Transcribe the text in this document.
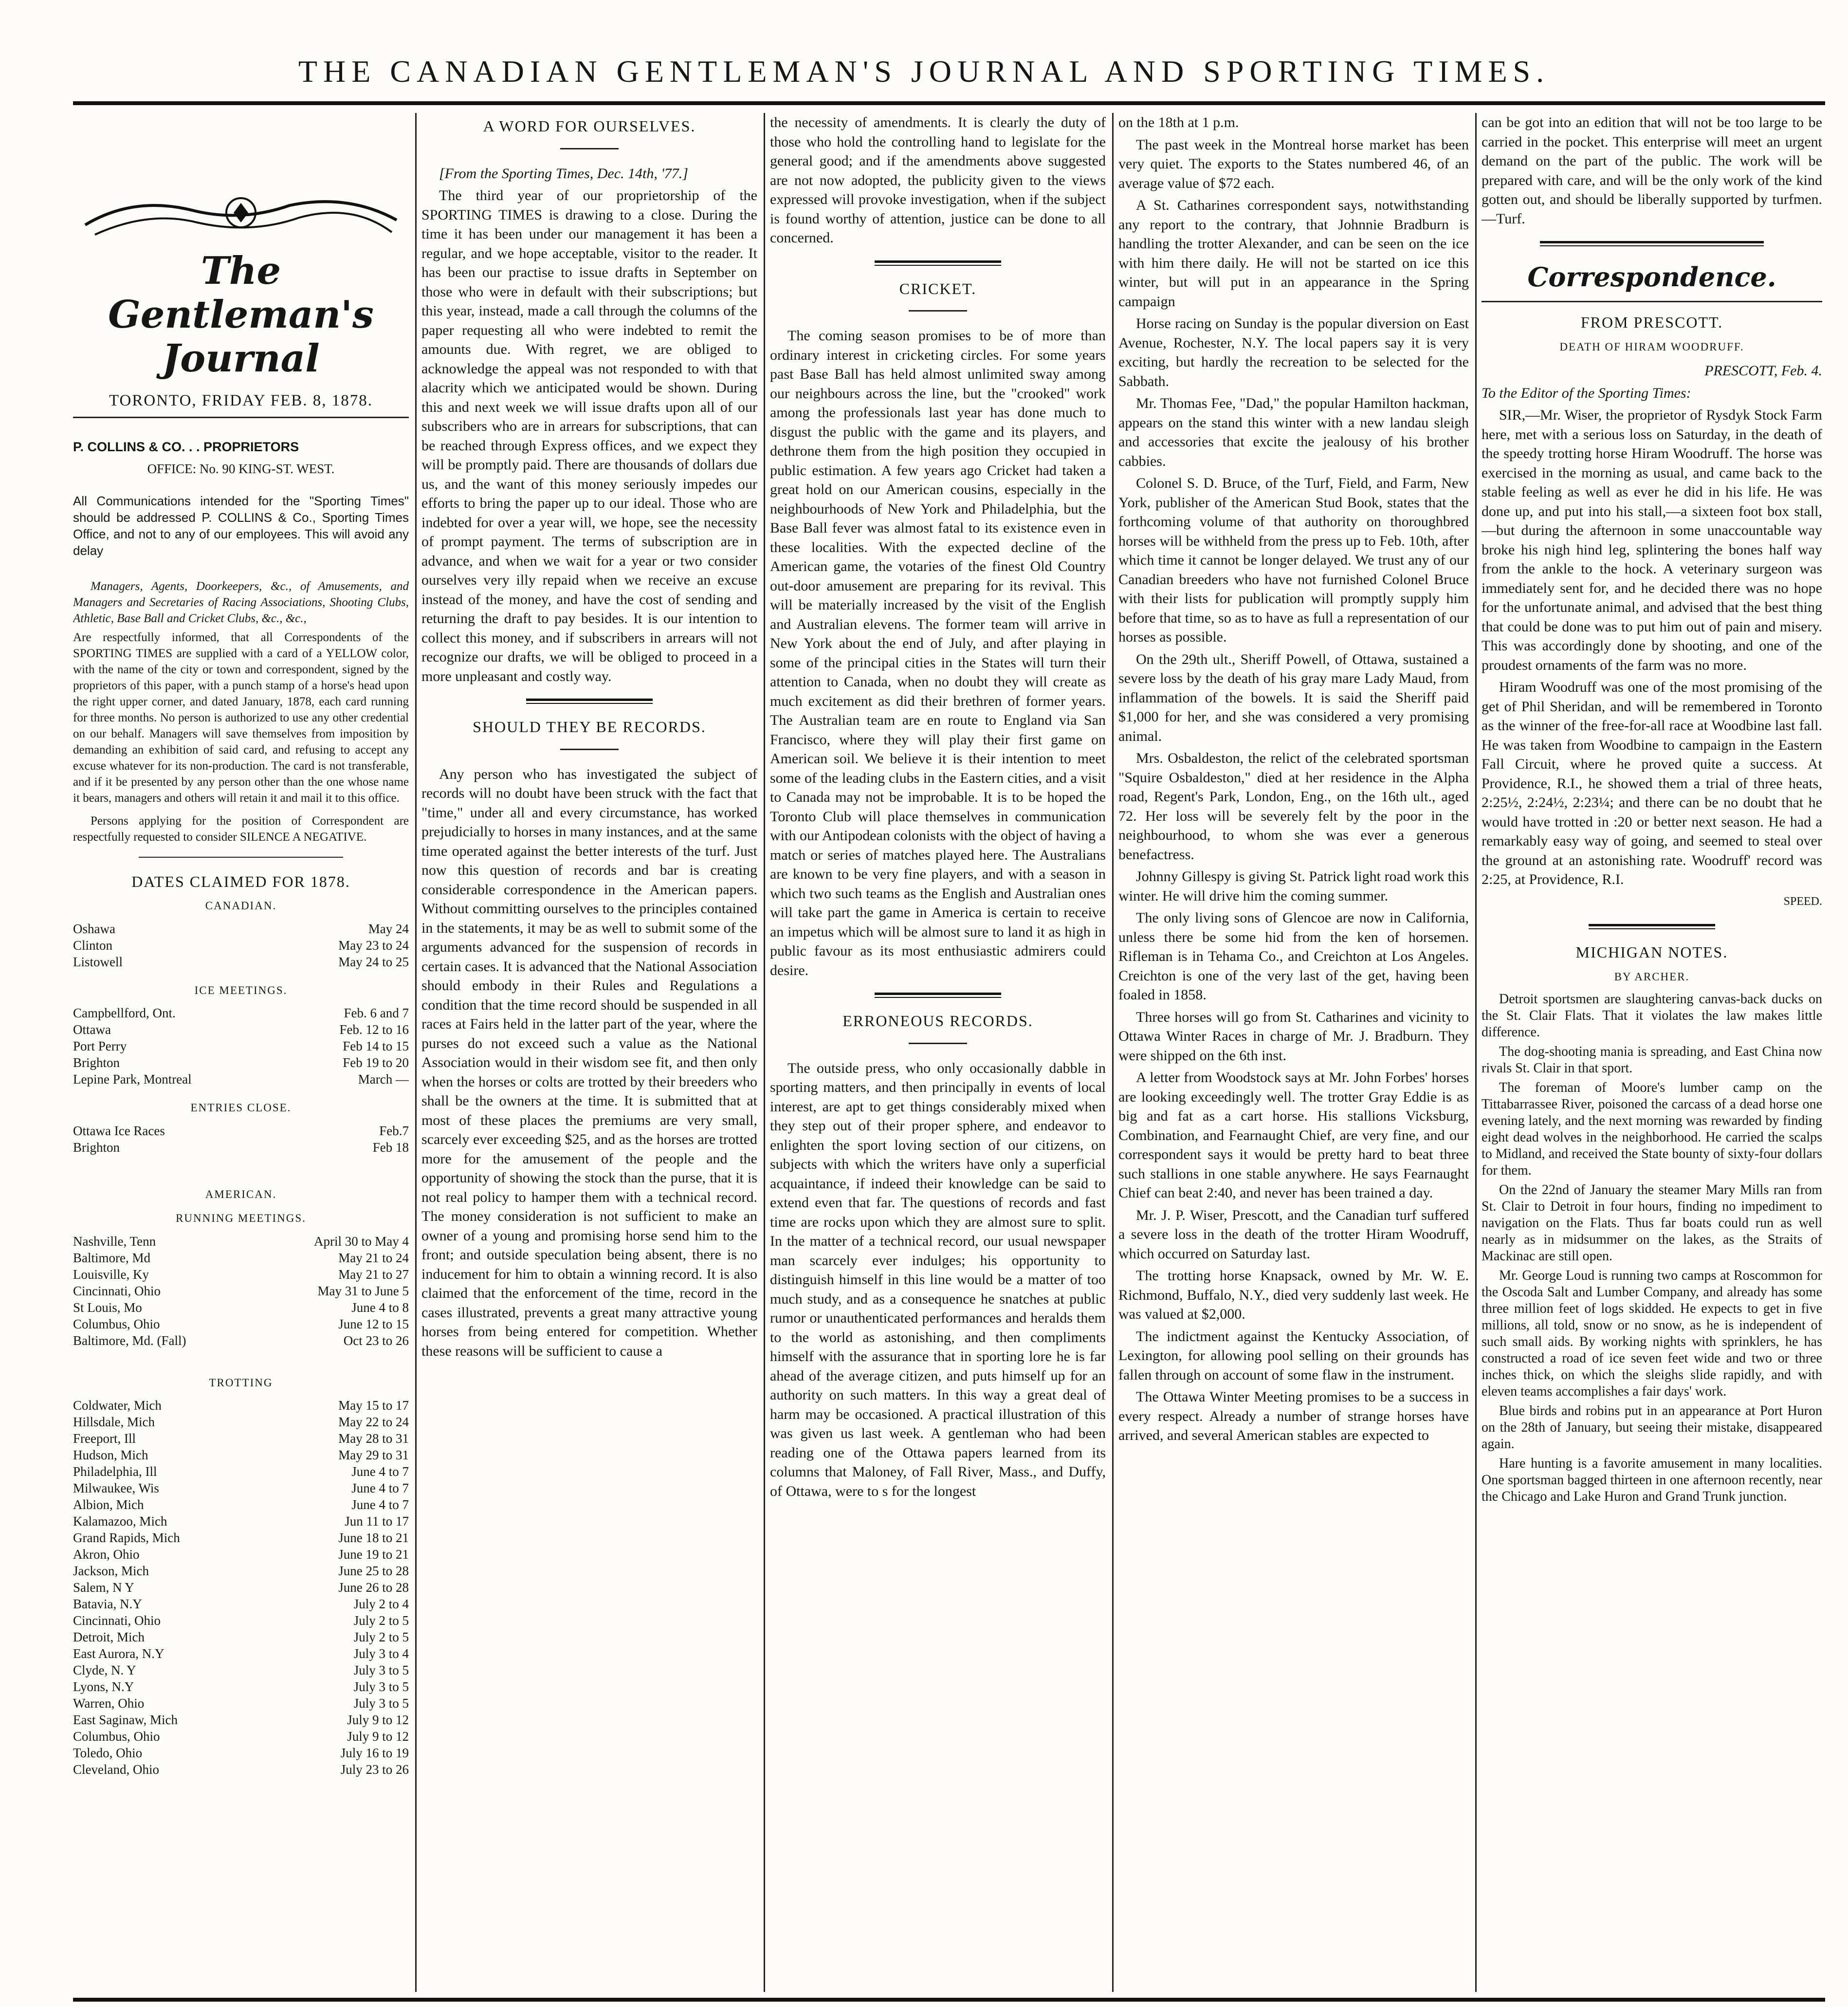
THE CANADIAN GENTLEMAN'S JOURNAL AND SPORTING TIMES.
The Gentleman's Journal
TORONTO, FRIDAY FEB. 8, 1878.

P. COLLINS & CO. . . PROPRIETORS

OFFICE: No. 90 KING-ST. WEST.

All Communications intended for the "Sporting Times" should be addressed P. COLLINS & Co., Sporting Times Office, and not to any of our employees. This will avoid any delay

Managers, Agents, Doorkeepers, &c., of Amusements, and Managers and Secretaries of Racing Associations, Shooting Clubs, Athletic, Base Ball and Cricket Clubs, &c., &c.,

Are respectfully informed, that all Correspondents of the SPORTING TIMES are supplied with a card of a YELLOW color, with the name of the city or town and correspondent, signed by the proprietors of this paper, with a punch stamp of a horse's head upon the right upper corner, and dated January, 1878, each card running for three months. No person is authorized to use any other credential on our behalf. Managers will save themselves from imposition by demanding an exhibition of said card, and refusing to accept any excuse whatever for its non-production. The card is not transferable, and if it be presented by any person other than the one whose name it bears, managers and others will retain it and mail it to this office.

Persons applying for the position of Correspondent are respectfully requested to consider SILENCE A NEGATIVE.

DATES CLAIMED FOR 1878.
CANADIAN.
Oshawa	May 24
Clinton	May 23 to 24
Listowell	May 24 to 25
ICE MEETINGS.
Campbellford, Ont.	Feb. 6 and 7
Ottawa	Feb. 12 to 16
Port Perry	Feb 14 to 15
Brighton	Feb 19 to 20
Lepine Park, Montreal	March —
ENTRIES CLOSE.
Ottawa Ice Races	Feb.7
Brighton	Feb 18
AMERICAN.
RUNNING MEETINGS.
Nashville, Tenn	April 30 to May 4
Baltimore, Md	May 21 to 24
Louisville, Ky	May 21 to 27
Cincinnati, Ohio	May 31 to June 5
St Louis, Mo	June 4 to 8
Columbus, Ohio	June 12 to 15
Baltimore, Md. (Fall)	Oct 23 to 26
TROTTING
Coldwater, Mich	May 15 to 17
Hillsdale, Mich	May 22 to 24
Freeport, Ill	May 28 to 31
Hudson, Mich	May 29 to 31
Philadelphia, Ill	June 4 to 7
Milwaukee, Wis	June 4 to 7
Albion, Mich	June 4 to 7
Kalamazoo, Mich	Jun 11 to 17
Grand Rapids, Mich	June 18 to 21
Akron, Ohio	June 19 to 21
Jackson, Mich	June 25 to 28
Salem, N Y	June 26 to 28
Batavia, N.Y	July 2 to 4
Cincinnati, Ohio	July 2 to 5
Detroit, Mich	July 2 to 5
East Aurora, N.Y	July 3 to 4
Clyde, N. Y	July 3 to 5
Lyons, N.Y	July 3 to 5
Warren, Ohio	July 3 to 5
East Saginaw, Mich	July 9 to 12
Columbus, Ohio	July 9 to 12
Toledo, Ohio	July 16 to 19
Cleveland, Ohio	July 23 to 26
A WORD FOR OURSELVES.

[From the Sporting Times, Dec. 14th, '77.]

The third year of our proprietorship of the SPORTING TIMES is drawing to a close. During the time it has been under our management it has been a regular, and we hope acceptable, visitor to the reader. It has been our practise to issue drafts in September on those who were in default with their subscriptions; but this year, instead, made a call through the columns of the paper requesting all who were indebted to remit the amounts due. With regret, we are obliged to acknowledge the appeal was not responded to with that alacrity which we anticipated would be shown. During this and next week we will issue drafts upon all of our subscribers who are in arrears for subscriptions, that can be reached through Express offices, and we expect they will be promptly paid. There are thousands of dollars due us, and the want of this money seriously impedes our efforts to bring the paper up to our ideal. Those who are indebted for over a year will, we hope, see the necessity of prompt payment. The terms of subscription are in advance, and when we wait for a year or two consider ourselves very illy repaid when we receive an excuse instead of the money, and have the cost of sending and returning the draft to pay besides. It is our intention to collect this money, and if subscribers in arrears will not recognize our drafts, we will be obliged to proceed in a more unpleasant and costly way.

SHOULD THEY BE RECORDS.

Any person who has investigated the subject of records will no doubt have been struck with the fact that "time," under all and every circumstance, has worked prejudicially to horses in many instances, and at the same time operated against the better interests of the turf. Just now this question of records and bar is creating considerable correspondence in the American papers. Without committing ourselves to the principles contained in the statements, it may be as well to submit some of the arguments advanced for the suspension of records in certain cases. It is advanced that the National Association should embody in their Rules and Regulations a condition that the time record should be suspended in all races at Fairs held in the latter part of the year, where the purses do not exceed such a value as the National Association would in their wisdom see fit, and then only when the horses or colts are trotted by their breeders who shall be the owners at the time. It is submitted that at most of these places the premiums are very small, scarcely ever exceeding $25, and as the horses are trotted more for the amusement of the people and the opportunity of showing the stock than the purse, that it is not real policy to hamper them with a technical record. The money consideration is not sufficient to make an owner of a young and promising horse send him to the front; and outside speculation being absent, there is no inducement for him to obtain a winning record. It is also claimed that the enforcement of the time, record in the cases illustrated, prevents a great many attractive young horses from being entered for competition. Whether these reasons will be sufficient to cause a

the necessity of amendments. It is clearly the duty of those who hold the controlling hand to legislate for the general good; and if the amendments above suggested are not now adopted, the publicity given to the views expressed will provoke investigation, when if the subject is found worthy of attention, justice can be done to all concerned.

CRICKET.

The coming season promises to be of more than ordinary interest in cricketing circles. For some years past Base Ball has held almost unlimited sway among our neighbours across the line, but the "crooked" work among the professionals last year has done much to disgust the public with the game and its players, and dethrone them from the high position they occupied in public estimation. A few years ago Cricket had taken a great hold on our American cousins, especially in the neighbourhoods of New York and Philadelphia, but the Base Ball fever was almost fatal to its existence even in these localities. With the expected decline of the American game, the votaries of the finest Old Country out-door amusement are preparing for its revival. This will be materially increased by the visit of the English and Australian elevens. The former team will arrive in New York about the end of July, and after playing in some of the principal cities in the States will turn their attention to Canada, when no doubt they will create as much excitement as did their brethren of former years. The Australian team are en route to England via San Francisco, where they will play their first game on American soil. We believe it is their intention to meet some of the leading clubs in the Eastern cities, and a visit to Canada may not be improbable. It is to be hoped the Toronto Club will place themselves in communication with our Antipodean colonists with the object of having a match or series of matches played here. The Australians are known to be very fine players, and with a season in which two such teams as the English and Australian ones will take part the game in America is certain to receive an impetus which will be almost sure to land it as high in public favour as its most enthusiastic admirers could desire.

ERRONEOUS RECORDS.

The outside press, who only occasionally dabble in sporting matters, and then principally in events of local interest, are apt to get things considerably mixed when they step out of their proper sphere, and endeavor to enlighten the sport loving section of our citizens, on subjects with which the writers have only a superficial acquaintance, if indeed their knowledge can be said to extend even that far. The questions of records and fast time are rocks upon which they are almost sure to split. In the matter of a technical record, our usual newspaper man scarcely ever indulges; his opportunity to distinguish himself in this line would be a matter of too much study, and as a consequence he snatches at public rumor or unauthenticated performances and heralds them to the world as astonishing, and then compliments himself with the assurance that in sporting lore he is far ahead of the average citizen, and puts himself up for an authority on such matters. In this way a great deal of harm may be occasioned. A practical illustration of this was given us last week. A gentleman who had been reading one of the Ottawa papers learned from its columns that Maloney, of Fall River, Mass., and Duffy, of Ottawa, were to s for the longest

on the 18th at 1 p.m.

The past week in the Montreal horse market has been very quiet. The exports to the States numbered 46, of an average value of $72 each.

A St. Catharines correspondent says, notwithstanding any report to the contrary, that Johnnie Bradburn is handling the trotter Alexander, and can be seen on the ice with him there daily. He will not be started on ice this winter, but will put in an appearance in the Spring campaign

Horse racing on Sunday is the popular diversion on East Avenue, Rochester, N.Y. The local papers say it is very exciting, but hardly the recreation to be selected for the Sabbath.

Mr. Thomas Fee, "Dad," the popular Hamilton hackman, appears on the stand this winter with a new landau sleigh and accessories that excite the jealousy of his brother cabbies.

Colonel S. D. Bruce, of the Turf, Field, and Farm, New York, publisher of the American Stud Book, states that the forthcoming volume of that authority on thoroughbred horses will be withheld from the press up to Feb. 10th, after which time it cannot be longer delayed. We trust any of our Canadian breeders who have not furnished Colonel Bruce with their lists for publication will promptly supply him before that time, so as to have as full a representation of our horses as possible.

On the 29th ult., Sheriff Powell, of Ottawa, sustained a severe loss by the death of his gray mare Lady Maud, from inflammation of the bowels. It is said the Sheriff paid $1,000 for her, and she was considered a very promising animal.

Mrs. Osbaldeston, the relict of the celebrated sportsman "Squire Osbaldeston," died at her residence in the Alpha road, Regent's Park, London, Eng., on the 16th ult., aged 72. Her loss will be severely felt by the poor in the neighbourhood, to whom she was ever a generous benefactress.

Johnny Gillespy is giving St. Patrick light road work this winter. He will drive him the coming summer.

The only living sons of Glencoe are now in California, unless there be some hid from the ken of horsemen. Rifleman is in Tehama Co., and Creichton at Los Angeles. Creichton is one of the very last of the get, having been foaled in 1858.

Three horses will go from St. Catharines and vicinity to Ottawa Winter Races in charge of Mr. J. Bradburn. They were shipped on the 6th inst.

A letter from Woodstock says at Mr. John Forbes' horses are looking exceedingly well. The trotter Gray Eddie is as big and fat as a cart horse. His stallions Vicksburg, Combination, and Fearnaught Chief, are very fine, and our correspondent says it would be pretty hard to beat three such stallions in one stable anywhere. He says Fearnaught Chief can beat 2:40, and never has been trained a day.

Mr. J. P. Wiser, Prescott, and the Canadian turf suffered a severe loss in the death of the trotter Hiram Woodruff, which occurred on Saturday last.

The trotting horse Knapsack, owned by Mr. W. E. Richmond, Buffalo, N.Y., died very suddenly last week. He was valued at $2,000.

The indictment against the Kentucky Association, of Lexington, for allowing pool selling on their grounds has fallen through on account of some flaw in the instrument.

The Ottawa Winter Meeting promises to be a success in every respect. Already a number of strange horses have arrived, and several American stables are expected to

can be got into an edition that will not be too large to be carried in the pocket. This enterprise will meet an urgent demand on the part of the public. The work will be prepared with care, and will be the only work of the kind gotten out, and should be liberally supported by turfmen.—Turf.

Correspondence.
FROM PRESCOTT.
DEATH OF HIRAM WOODRUFF.

PRESCOTT, Feb. 4.

To the Editor of the Sporting Times:

SIR,—Mr. Wiser, the proprietor of Rysdyk Stock Farm here, met with a serious loss on Saturday, in the death of the speedy trotting horse Hiram Woodruff. The horse was exercised in the morning as usual, and came back to the stable feeling as well as ever he did in his life. He was done up, and put into his stall,—a sixteen foot box stall,—but during the afternoon in some unaccountable way broke his nigh hind leg, splintering the bones half way from the ankle to the hock. A veterinary surgeon was immediately sent for, and he decided there was no hope for the unfortunate animal, and advised that the best thing that could be done was to put him out of pain and misery. This was accordingly done by shooting, and one of the proudest ornaments of the farm was no more.

Hiram Woodruff was one of the most promising of the get of Phil Sheridan, and will be remembered in Toronto as the winner of the free-for-all race at Woodbine last fall. He was taken from Woodbine to campaign in the Eastern Fall Circuit, where he proved quite a success. At Providence, R.I., he showed them a trial of three heats, 2:25½, 2:24½, 2:23¼; and there can be no doubt that he would have trotted in :20 or better next season. He had a remarkably easy way of going, and seemed to steal over the ground at an astonishing rate. Woodruff' record was 2:25, at Providence, R.I.

SPEED.

MICHIGAN NOTES.
BY ARCHER.

Detroit sportsmen are slaughtering canvas-back ducks on the St. Clair Flats. That it violates the law makes little difference.

The dog-shooting mania is spreading, and East China now rivals St. Clair in that sport.

The foreman of Moore's lumber camp on the Tittabarrassee River, poisoned the carcass of a dead horse one evening lately, and the next morning was rewarded by finding eight dead wolves in the neighborhood. He carried the scalps to Midland, and received the State bounty of sixty-four dollars for them.

On the 22nd of January the steamer Mary Mills ran from St. Clair to Detroit in four hours, finding no impediment to navigation on the Flats. Thus far boats could run as well nearly as in midsummer on the lakes, as the Straits of Mackinac are still open.

Mr. George Loud is running two camps at Roscommon for the Oscoda Salt and Lumber Company, and already has some three million feet of logs skidded. He expects to get in five millions, all told, snow or no snow, as he is independent of such small aids. By working nights with sprinklers, he has constructed a road of ice seven feet wide and two or three inches thick, on which the sleighs slide rapidly, and with eleven teams accomplishes a fair days' work.

Blue birds and robins put in an appearance at Port Huron on the 28th of January, but seeing their mistake, disappeared again.

Hare hunting is a favorite amusement in many localities. One sportsman bagged thirteen in one afternoon recently, near the Chicago and Lake Huron and Grand Trunk junction.
